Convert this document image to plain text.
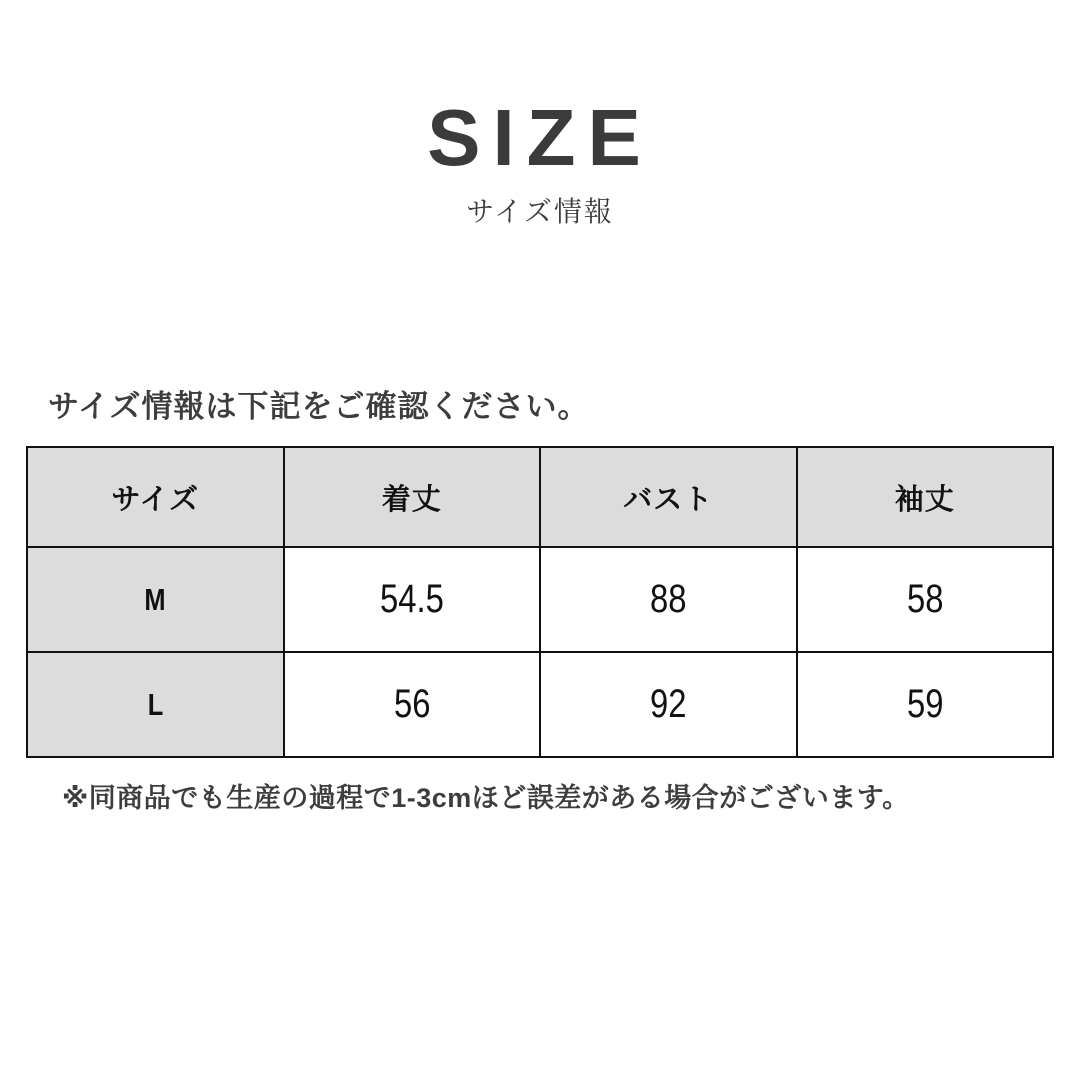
SIZE
サイズ情報
サイズ情報は下記をご確認ください。
サイズ	着丈	バスト	袖丈
M	54.5	88	58
L	56	92	59
※同商品でも生産の過程で1-3cmほど誤差がある場合がございます。
